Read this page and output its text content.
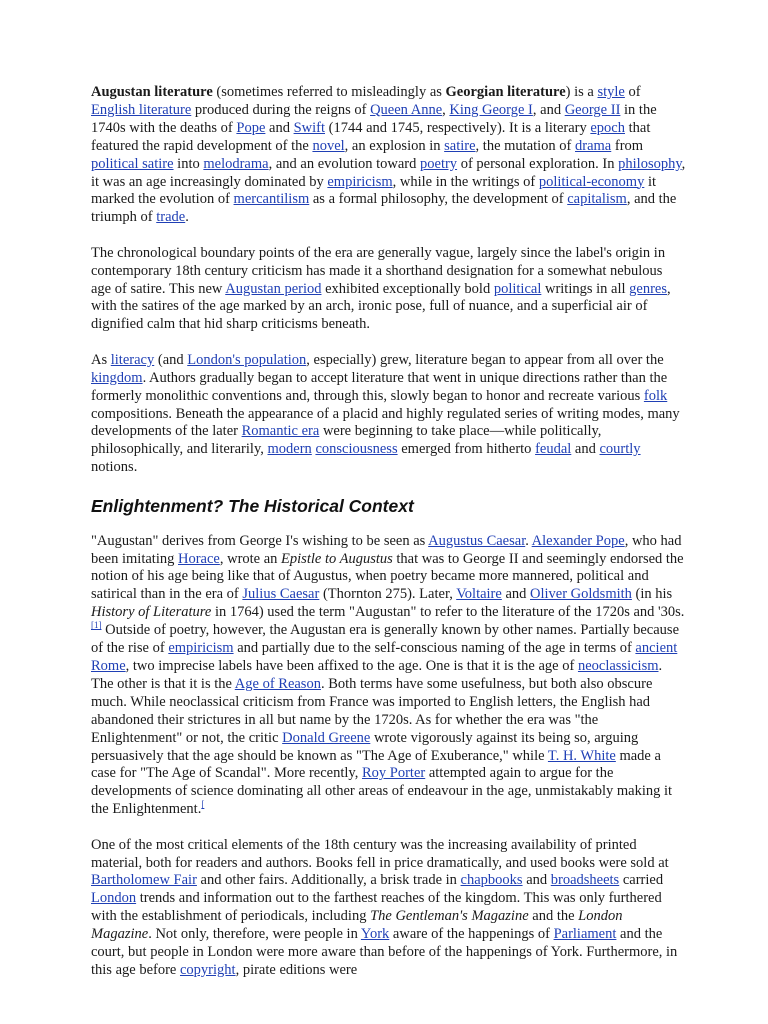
Augustan literature (sometimes referred to misleadingly as Georgian literature) is a style of English literature produced during the reigns of Queen Anne, King George I, and George II in the 1740s with the deaths of Pope and Swift (1744 and 1745, respectively). It is a literary epoch that featured the rapid development of the novel, an explosion in satire, the mutation of drama from political satire into melodrama, and an evolution toward poetry of personal exploration. In philosophy, it was an age increasingly dominated by empiricism, while in the writings of political-economy it marked the evolution of mercantilism as a formal philosophy, the development of capitalism, and the triumph of trade.

The chronological boundary points of the era are generally vague, largely since the label's origin in contemporary 18th century criticism has made it a shorthand designation for a somewhat nebulous age of satire. This new Augustan period exhibited exceptionally bold political writings in all genres, with the satires of the age marked by an arch, ironic pose, full of nuance, and a superficial air of dignified calm that hid sharp criticisms beneath.

As literacy (and London's population, especially) grew, literature began to appear from all over the kingdom. Authors gradually began to accept literature that went in unique directions rather than the formerly monolithic conventions and, through this, slowly began to honor and recreate various folk compositions. Beneath the appearance of a placid and highly regulated series of writing modes, many developments of the later Romantic era were beginning to take place—while politically, philosophically, and literarily, modern consciousness emerged from hitherto feudal and courtly notions.

Enlightenment? The Historical Context

"Augustan" derives from George I's wishing to be seen as Augustus Caesar. Alexander Pope, who had been imitating Horace, wrote an Epistle to Augustus that was to George II and seemingly endorsed the notion of his age being like that of Augustus, when poetry became more mannered, political and satirical than in the era of Julius Caesar (Thornton 275). Later, Voltaire and Oliver Goldsmith (in his History of Literature in 1764) used the term "Augustan" to refer to the literature of the 1720s and '30s.[1] Outside of poetry, however, the Augustan era is generally known by other names. Partially because of the rise of empiricism and partially due to the self-conscious naming of the age in terms of ancient Rome, two imprecise labels have been affixed to the age. One is that it is the age of neoclassicism. The other is that it is the Age of Reason. Both terms have some usefulness, but both also obscure much. While neoclassical criticism from France was imported to English letters, the English had abandoned their strictures in all but name by the 1720s. As for whether the era was "the Enlightenment" or not, the critic Donald Greene wrote vigorously against its being so, arguing persuasively that the age should be known as "The Age of Exuberance," while T. H. White made a case for "The Age of Scandal". More recently, Roy Porter attempted again to argue for the developments of science dominating all other areas of endeavour in the age, unmistakably making it the Enlightenment.[

One of the most critical elements of the 18th century was the increasing availability of printed material, both for readers and authors. Books fell in price dramatically, and used books were sold at Bartholomew Fair and other fairs. Additionally, a brisk trade in chapbooks and broadsheets carried London trends and information out to the farthest reaches of the kingdom. This was only furthered with the establishment of periodicals, including The Gentleman's Magazine and the London Magazine. Not only, therefore, were people in York aware of the happenings of Parliament and the court, but people in London were more aware than before of the happenings of York. Furthermore, in this age before copyright, pirate editions were
